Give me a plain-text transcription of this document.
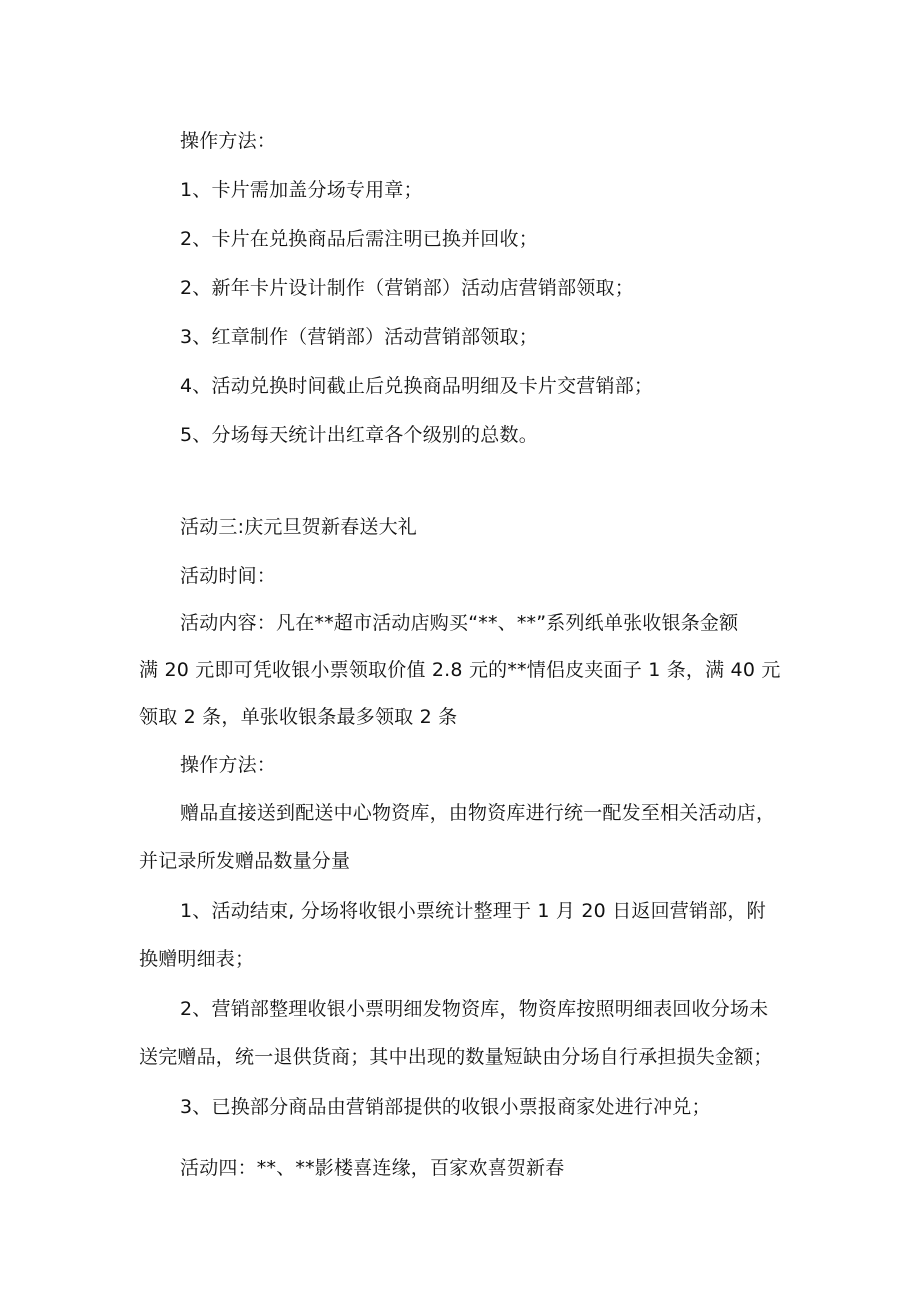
操作方法：
1、卡片需加盖分场专用章；
2、卡片在兑换商品后需注明已换并回收；
2、新年卡片设计制作（营销部）活动店营销部领取；
3、红章制作（营销部）活动营销部领取；
4、活动兑换时间截止后兑换商品明细及卡片交营销部；
5、分场每天统计出红章各个级别的总数。
活动三:庆元旦贺新春送大礼
活动时间：
活动内容：凡在**超市活动店购买“**、**”系列纸单张收银条金额
满 20 元即可凭收银小票领取价值 2.8 元的**情侣皮夹面子 1 条，满 40 元
领取 2 条，单张收银条最多领取 2 条
操作方法：
赠品直接送到配送中心物资库，由物资库进行统一配发至相关活动店，
并记录所发赠品数量分量
1、活动结束, 分场将收银小票统计整理于 1 月 20 日返回营销部，附
换赠明细表；
2、营销部整理收银小票明细发物资库，物资库按照明细表回收分场未
送完赠品，统一退供货商；其中出现的数量短缺由分场自行承担损失金额；
3、已换部分商品由营销部提供的收银小票报商家处进行冲兑；
活动四：**、**影楼喜连缘，百家欢喜贺新春
